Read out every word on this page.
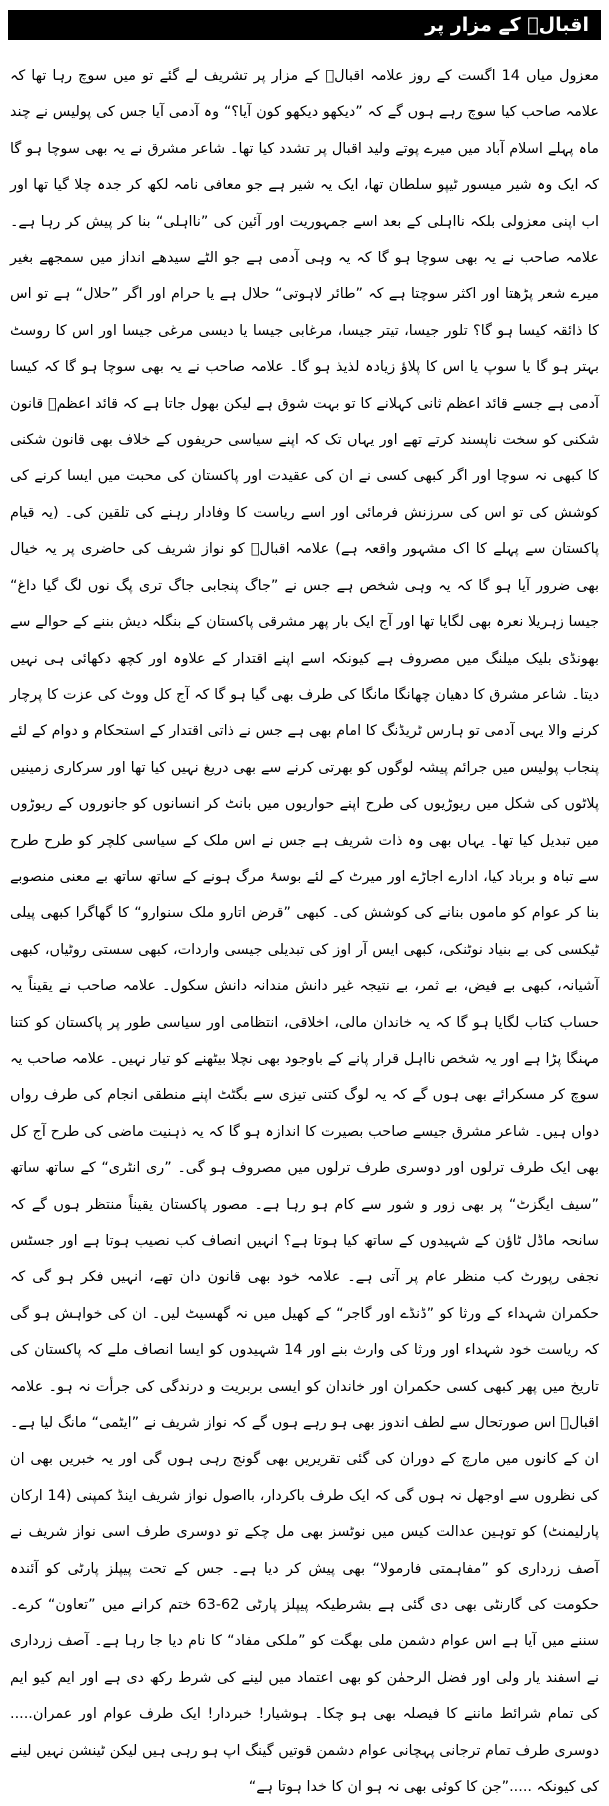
اقبالؒ کے مزار پر

معزول میاں 14 اگست کے روز علامہ اقبالؒ کے مزار پر تشریف لے گئے تو میں سوچ رہا تھا کہ علامہ صاحب کیا سوچ رہے ہوں گے کہ ”دیکھو دیکھو کون آیا؟“ وہ آدمی آیا جس کی پولیس نے چند ماہ پہلے اسلام آباد میں میرے پوتے ولید اقبال پر تشدد کیا تھا۔ شاعر مشرق نے یہ بھی سوچا ہو گا کہ ایک وہ شیر میسور ٹیپو سلطان تھا، ایک یہ شیر ہے جو معافی نامہ لکھ کر جدہ چلا گیا تھا اور اب اپنی معزولی بلکہ نااہلی کے بعد اسے جمہوریت اور آئین کی ”نااہلی“ بنا کر پیش کر رہا ہے۔ علامہ صاحب نے یہ بھی سوچا ہو گا کہ یہ وہی آدمی ہے جو الٹے سیدھے انداز میں سمجھے بغیر میرے شعر پڑھتا اور اکثر سوچتا ہے کہ ”طائر لاہوتی“ حلال ہے یا حرام اور اگر ”حلال“ ہے تو اس کا ذائقہ کیسا ہو گا؟ تلور جیسا، تیتر جیسا، مرغابی جیسا یا دیسی مرغی جیسا اور اس کا روسٹ بہتر ہو گا یا سوپ یا اس کا پلاؤ زیادہ لذیذ ہو گا۔ علامہ صاحب نے یہ بھی سوچا ہو گا کہ کیسا آدمی ہے جسے قائد اعظم ثانی کہلانے کا تو بہت شوق ہے لیکن بھول جاتا ہے کہ قائد اعظمؒ قانون شکنی کو سخت ناپسند کرتے تھے اور یہاں تک کہ اپنے سیاسی حریفوں کے خلاف بھی قانون شکنی کا کبھی نہ سوچا اور اگر کبھی کسی نے ان کی عقیدت اور پاکستان کی محبت میں ایسا کرنے کی کوشش کی تو اس کی سرزنش فرمائی اور اسے ریاست کا وفادار رہنے کی تلقین کی۔ (یہ قیام پاکستان سے پہلے کا اک مشہور واقعہ ہے) علامہ اقبالؒ کو نواز شریف کی حاضری پر یہ خیال بھی ضرور آیا ہو گا کہ یہ وہی شخص ہے جس نے ”جاگ پنجابی جاگ تری پگ نوں لگ گیا داغ“ جیسا زہریلا نعرہ بھی لگایا تھا اور آج ایک بار پھر مشرقی پاکستان کے بنگلہ دیش بننے کے حوالے سے بھونڈی بلیک میلنگ میں مصروف ہے کیونکہ اسے اپنے اقتدار کے علاوہ اور کچھ دکھائی ہی نہیں دیتا۔ شاعر مشرق کا دھیان چھانگا مانگا کی طرف بھی گیا ہو گا کہ آج کل ووٹ کی عزت کا پرچار کرنے والا یہی آدمی تو ہارس ٹریڈنگ کا امام بھی ہے جس نے ذاتی اقتدار کے استحکام و دوام کے لئے پنجاب پولیس میں جرائم پیشہ لوگوں کو بھرتی کرنے سے بھی دریغ نہیں کیا تھا اور سرکاری زمینیں پلاٹوں کی شکل میں ریوڑیوں کی طرح اپنے حواریوں میں بانٹ کر انسانوں کو جانوروں کے ریوڑوں میں تبدیل کیا تھا۔ یہاں بھی وہ ذات شریف ہے جس نے اس ملک کے سیاسی کلچر کو طرح طرح سے تباہ و برباد کیا، ادارے اجاڑے اور میرٹ کے لئے بوسۂ مرگ ہونے کے ساتھ ساتھ بے معنی منصوبے بنا کر عوام کو ماموں بنانے کی کوشش کی۔ کبھی ”قرض اتارو ملک سنوارو“ کا گھاگرا کبھی پیلی ٹیکسی کی بے بنیاد نوٹنکی، کبھی ایس آر اوز کی تبدیلی جیسی واردات، کبھی سستی روٹیاں، کبھی آشیانہ، کبھی بے فیض، بے ثمر، بے نتیجہ غیر دانش مندانہ دانش سکول۔ علامہ صاحب نے یقیناً یہ حساب کتاب لگایا ہو گا کہ یہ خاندان مالی، اخلاقی، انتظامی اور سیاسی طور پر پاکستان کو کتنا مہنگا پڑا ہے اور یہ شخص نااہل قرار پانے کے باوجود بھی نچلا بیٹھنے کو تیار نہیں۔ علامہ صاحب یہ سوچ کر مسکرائے بھی ہوں گے کہ یہ لوگ کتنی تیزی سے بگٹٹ اپنے منطقی انجام کی طرف رواں دواں ہیں۔ شاعر مشرق جیسے صاحب بصیرت کا اندازہ ہو گا کہ یہ ذہنیت ماضی کی طرح آج کل بھی ایک طرف ترلوں اور دوسری طرف ترلوں میں مصروف ہو گی۔ ”ری انٹری“ کے ساتھ ساتھ ”سیف ایگزٹ“ پر بھی زور و شور سے کام ہو رہا ہے۔ مصور پاکستان یقیناً منتظر ہوں گے کہ سانحہ ماڈل ٹاؤن کے شہیدوں کے ساتھ کیا ہوتا ہے؟ انہیں انصاف کب نصیب ہوتا ہے اور جسٹس نجفی رپورٹ کب منظر عام پر آتی ہے۔ علامہ خود بھی قانون دان تھے، انہیں فکر ہو گی کہ حکمران شہداء کے ورثا کو ”ڈنڈے اور گاجر“ کے کھیل میں نہ گھسیٹ لیں۔ ان کی خواہش ہو گی کہ ریاست خود شہداء اور ورثا کی وارث بنے اور 14 شہیدوں کو ایسا انصاف ملے کہ پاکستان کی تاریخ میں پھر کبھی کسی حکمران اور خاندان کو ایسی بربریت و درندگی کی جرأت نہ ہو۔ علامہ اقبالؒ اس صورتحال سے لطف اندوز بھی ہو رہے ہوں گے کہ نواز شریف نے ”ایٹمی“ مانگ لیا ہے۔ ان کے کانوں میں مارچ کے دوران کی گئی تقریریں بھی گونج رہی ہوں گی اور یہ خبریں بھی ان کی نظروں سے اوجھل نہ ہوں گی کہ ایک طرف باکردار، بااصول نواز شریف اینڈ کمپنی (14 ارکان پارلیمنٹ) کو توہین عدالت کیس میں نوٹسز بھی مل چکے تو دوسری طرف اسی نواز شریف نے آصف زرداری کو ”مفاہمتی فارمولا“ بھی پیش کر دیا ہے۔ جس کے تحت پیپلز پارٹی کو آئندہ حکومت کی گارنٹی بھی دی گئی ہے بشرطیکہ پیپلز پارٹی 62-63 ختم کرانے میں ”تعاون“ کرے۔ سننے میں آیا ہے اس عوام دشمن ملی بھگت کو ”ملکی مفاد“ کا نام دیا جا رہا ہے۔ آصف زرداری نے اسفند یار ولی اور فضل الرحمٰن کو بھی اعتماد میں لینے کی شرط رکھ دی ہے اور ایم کیو ایم کی تمام شرائط ماننے کا فیصلہ بھی ہو چکا۔ ہوشیار! خبردار! ایک طرف عوام اور عمران..... دوسری طرف تمام ترجانی پہچانی عوام دشمن قوتیں گینگ اپ ہو رہی ہیں لیکن ٹینشن نہیں لینے کی کیونکہ .....”جن کا کوئی بھی نہ ہو ان کا خدا ہوتا ہے“
